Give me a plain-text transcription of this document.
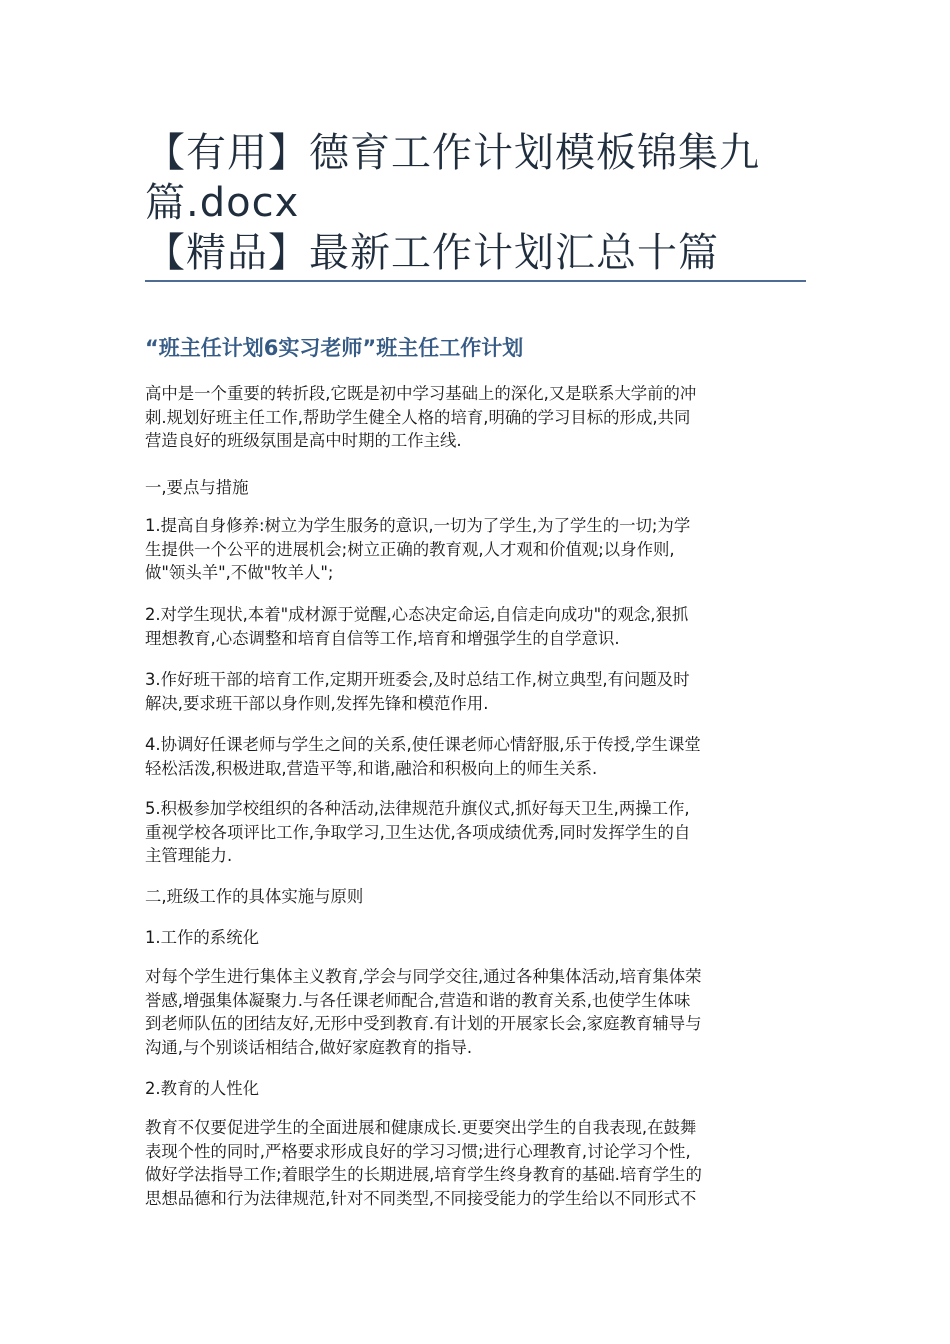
【有用】德育工作计划模板锦集九
篇.docx
【精品】最新工作计划汇总十篇
“班主任计划6实习老师”班主任工作计划
高中是一个重要的转折段,它既是初中学习基础上的深化,又是联系大学前的冲
刺.规划好班主任工作,帮助学生健全人格的培育,明确的学习目标的形成,共同
营造良好的班级氛围是高中时期的工作主线.
一,要点与措施
1.提高自身修养:树立为学生服务的意识,一切为了学生,为了学生的一切;为学
生提供一个公平的进展机会;树立正确的教育观,人才观和价值观;以身作则,
做"领头羊",不做"牧羊人";
2.对学生现状,本着"成材源于觉醒,心态决定命运,自信走向成功"的观念,狠抓
理想教育,心态调整和培育自信等工作,培育和增强学生的自学意识.
3.作好班干部的培育工作,定期开班委会,及时总结工作,树立典型,有问题及时
解决,要求班干部以身作则,发挥先锋和模范作用.
4.协调好任课老师与学生之间的关系,使任课老师心情舒服,乐于传授,学生课堂
轻松活泼,积极进取,营造平等,和谐,融洽和积极向上的师生关系.
5.积极参加学校组织的各种活动,法律规范升旗仪式,抓好每天卫生,两操工作,
重视学校各项评比工作,争取学习,卫生达优,各项成绩优秀,同时发挥学生的自
主管理能力.
二,班级工作的具体实施与原则
1.工作的系统化
对每个学生进行集体主义教育,学会与同学交往,通过各种集体活动,培育集体荣
誉感,增强集体凝聚力.与各任课老师配合,营造和谐的教育关系,也使学生体味
到老师队伍的团结友好,无形中受到教育.有计划的开展家长会,家庭教育辅导与
沟通,与个别谈话相结合,做好家庭教育的指导.
2.教育的人性化
教育不仅要促进学生的全面进展和健康成长.更要突出学生的自我表现,在鼓舞
表现个性的同时,严格要求形成良好的学习习惯;进行心理教育,讨论学习个性,
做好学法指导工作;着眼学生的长期进展,培育学生终身教育的基础.培育学生的
思想品德和行为法律规范,针对不同类型,不同接受能力的学生给以不同形式不
